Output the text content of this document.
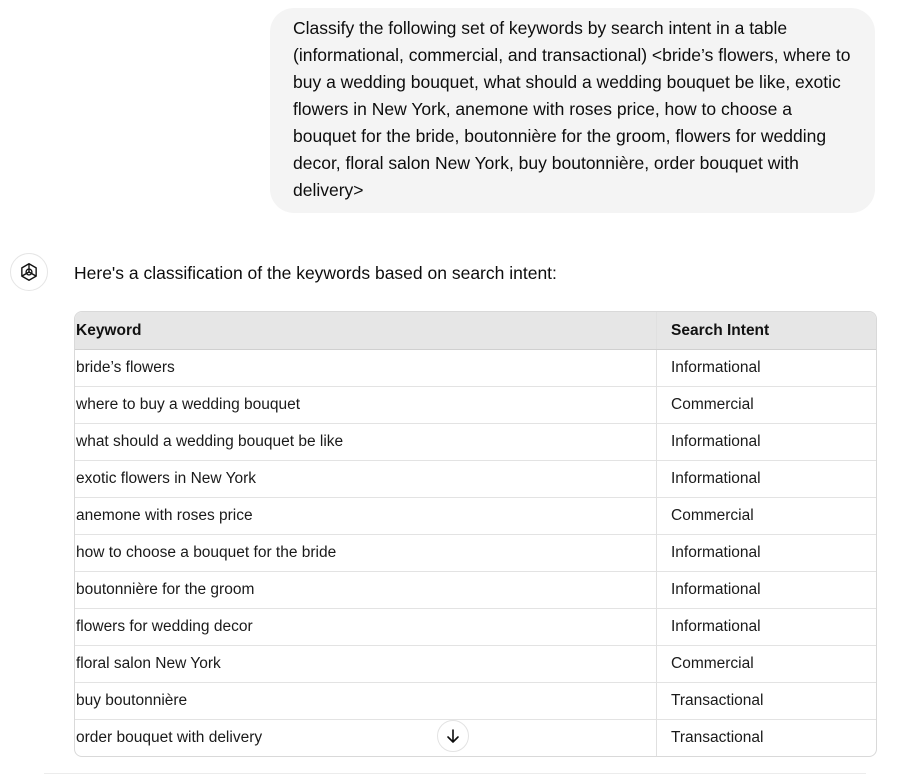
Classify the following set of keywords by search intent in a table (informational, commercial, and transactional) <bride’s flowers, where to buy a wedding bouquet, what should a wedding bouquet be like, exotic flowers in New York, anemone with roses price, how to choose a bouquet for the bride, boutonnière for the groom, flowers for wedding decor, floral salon New York, buy boutonnière, order bouquet with delivery>
Here's a classification of the keywords based on search intent:
Keyword	Search Intent
bride’s flowers	Informational
where to buy a wedding bouquet	Commercial
what should a wedding bouquet be like	Informational
exotic flowers in New York	Informational
anemone with roses price	Commercial
how to choose a bouquet for the bride	Informational
boutonnière for the groom	Informational
flowers for wedding decor	Informational
floral salon New York	Commercial
buy boutonnière	Transactional
order bouquet with delivery	Transactional
